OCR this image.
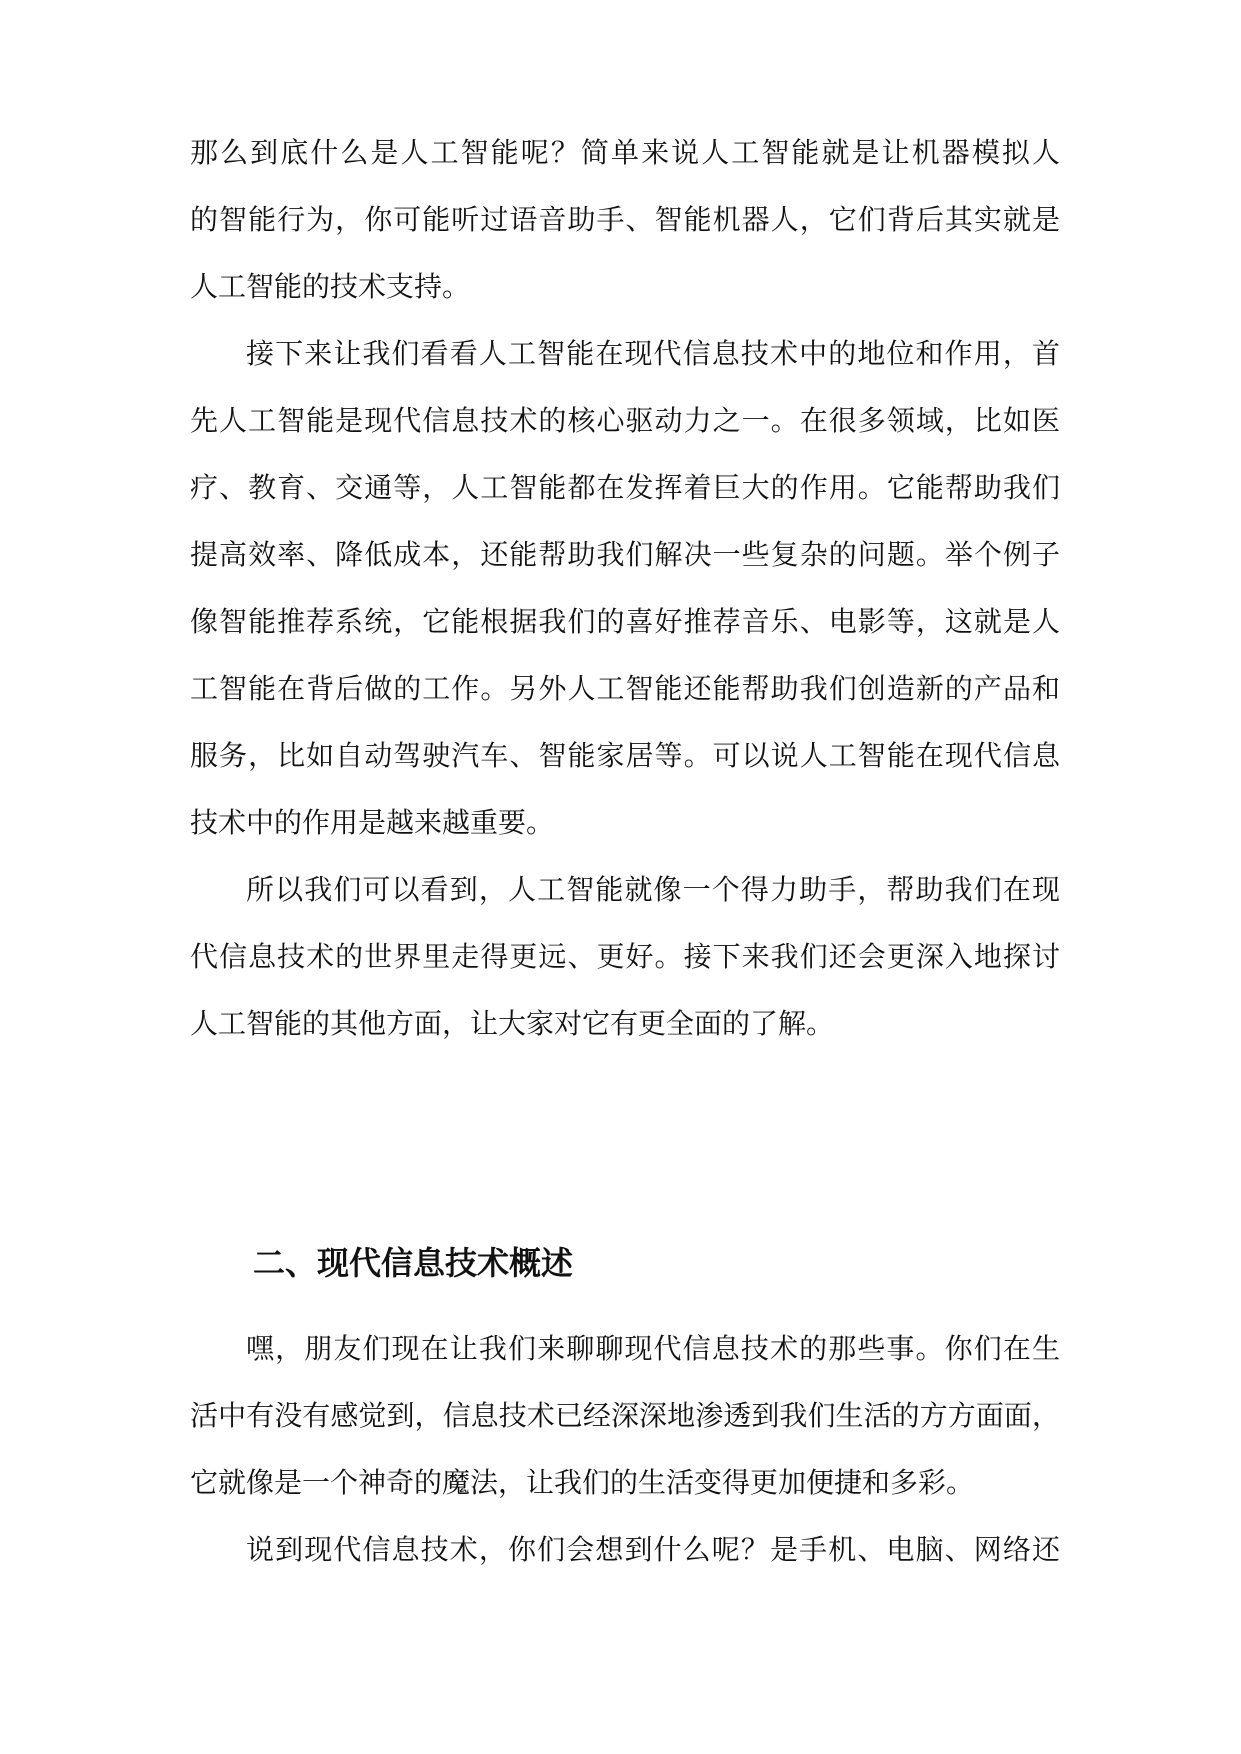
那么到底什么是人工智能呢？简单来说人工智能就是让机器模拟人
的智能行为，你可能听过语音助手、智能机器人，它们背后其实就是
人工智能的技术支持。
接下来让我们看看人工智能在现代信息技术中的地位和作用，首
先人工智能是现代信息技术的核心驱动力之一。在很多领域，比如医
疗、教育、交通等，人工智能都在发挥着巨大的作用。它能帮助我们
提高效率、降低成本，还能帮助我们解决一些复杂的问题。举个例子
像智能推荐系统，它能根据我们的喜好推荐音乐、电影等，这就是人
工智能在背后做的工作。另外人工智能还能帮助我们创造新的产品和
服务，比如自动驾驶汽车、智能家居等。可以说人工智能在现代信息
技术中的作用是越来越重要。
所以我们可以看到，人工智能就像一个得力助手，帮助我们在现
代信息技术的世界里走得更远、更好。接下来我们还会更深入地探讨
人工智能的其他方面，让大家对它有更全面的了解。
二、现代信息技术概述
嘿，朋友们现在让我们来聊聊现代信息技术的那些事。你们在生
活中有没有感觉到，信息技术已经深深地渗透到我们生活的方方面面，
它就像是一个神奇的魔法，让我们的生活变得更加便捷和多彩。
说到现代信息技术，你们会想到什么呢？是手机、电脑、网络还
